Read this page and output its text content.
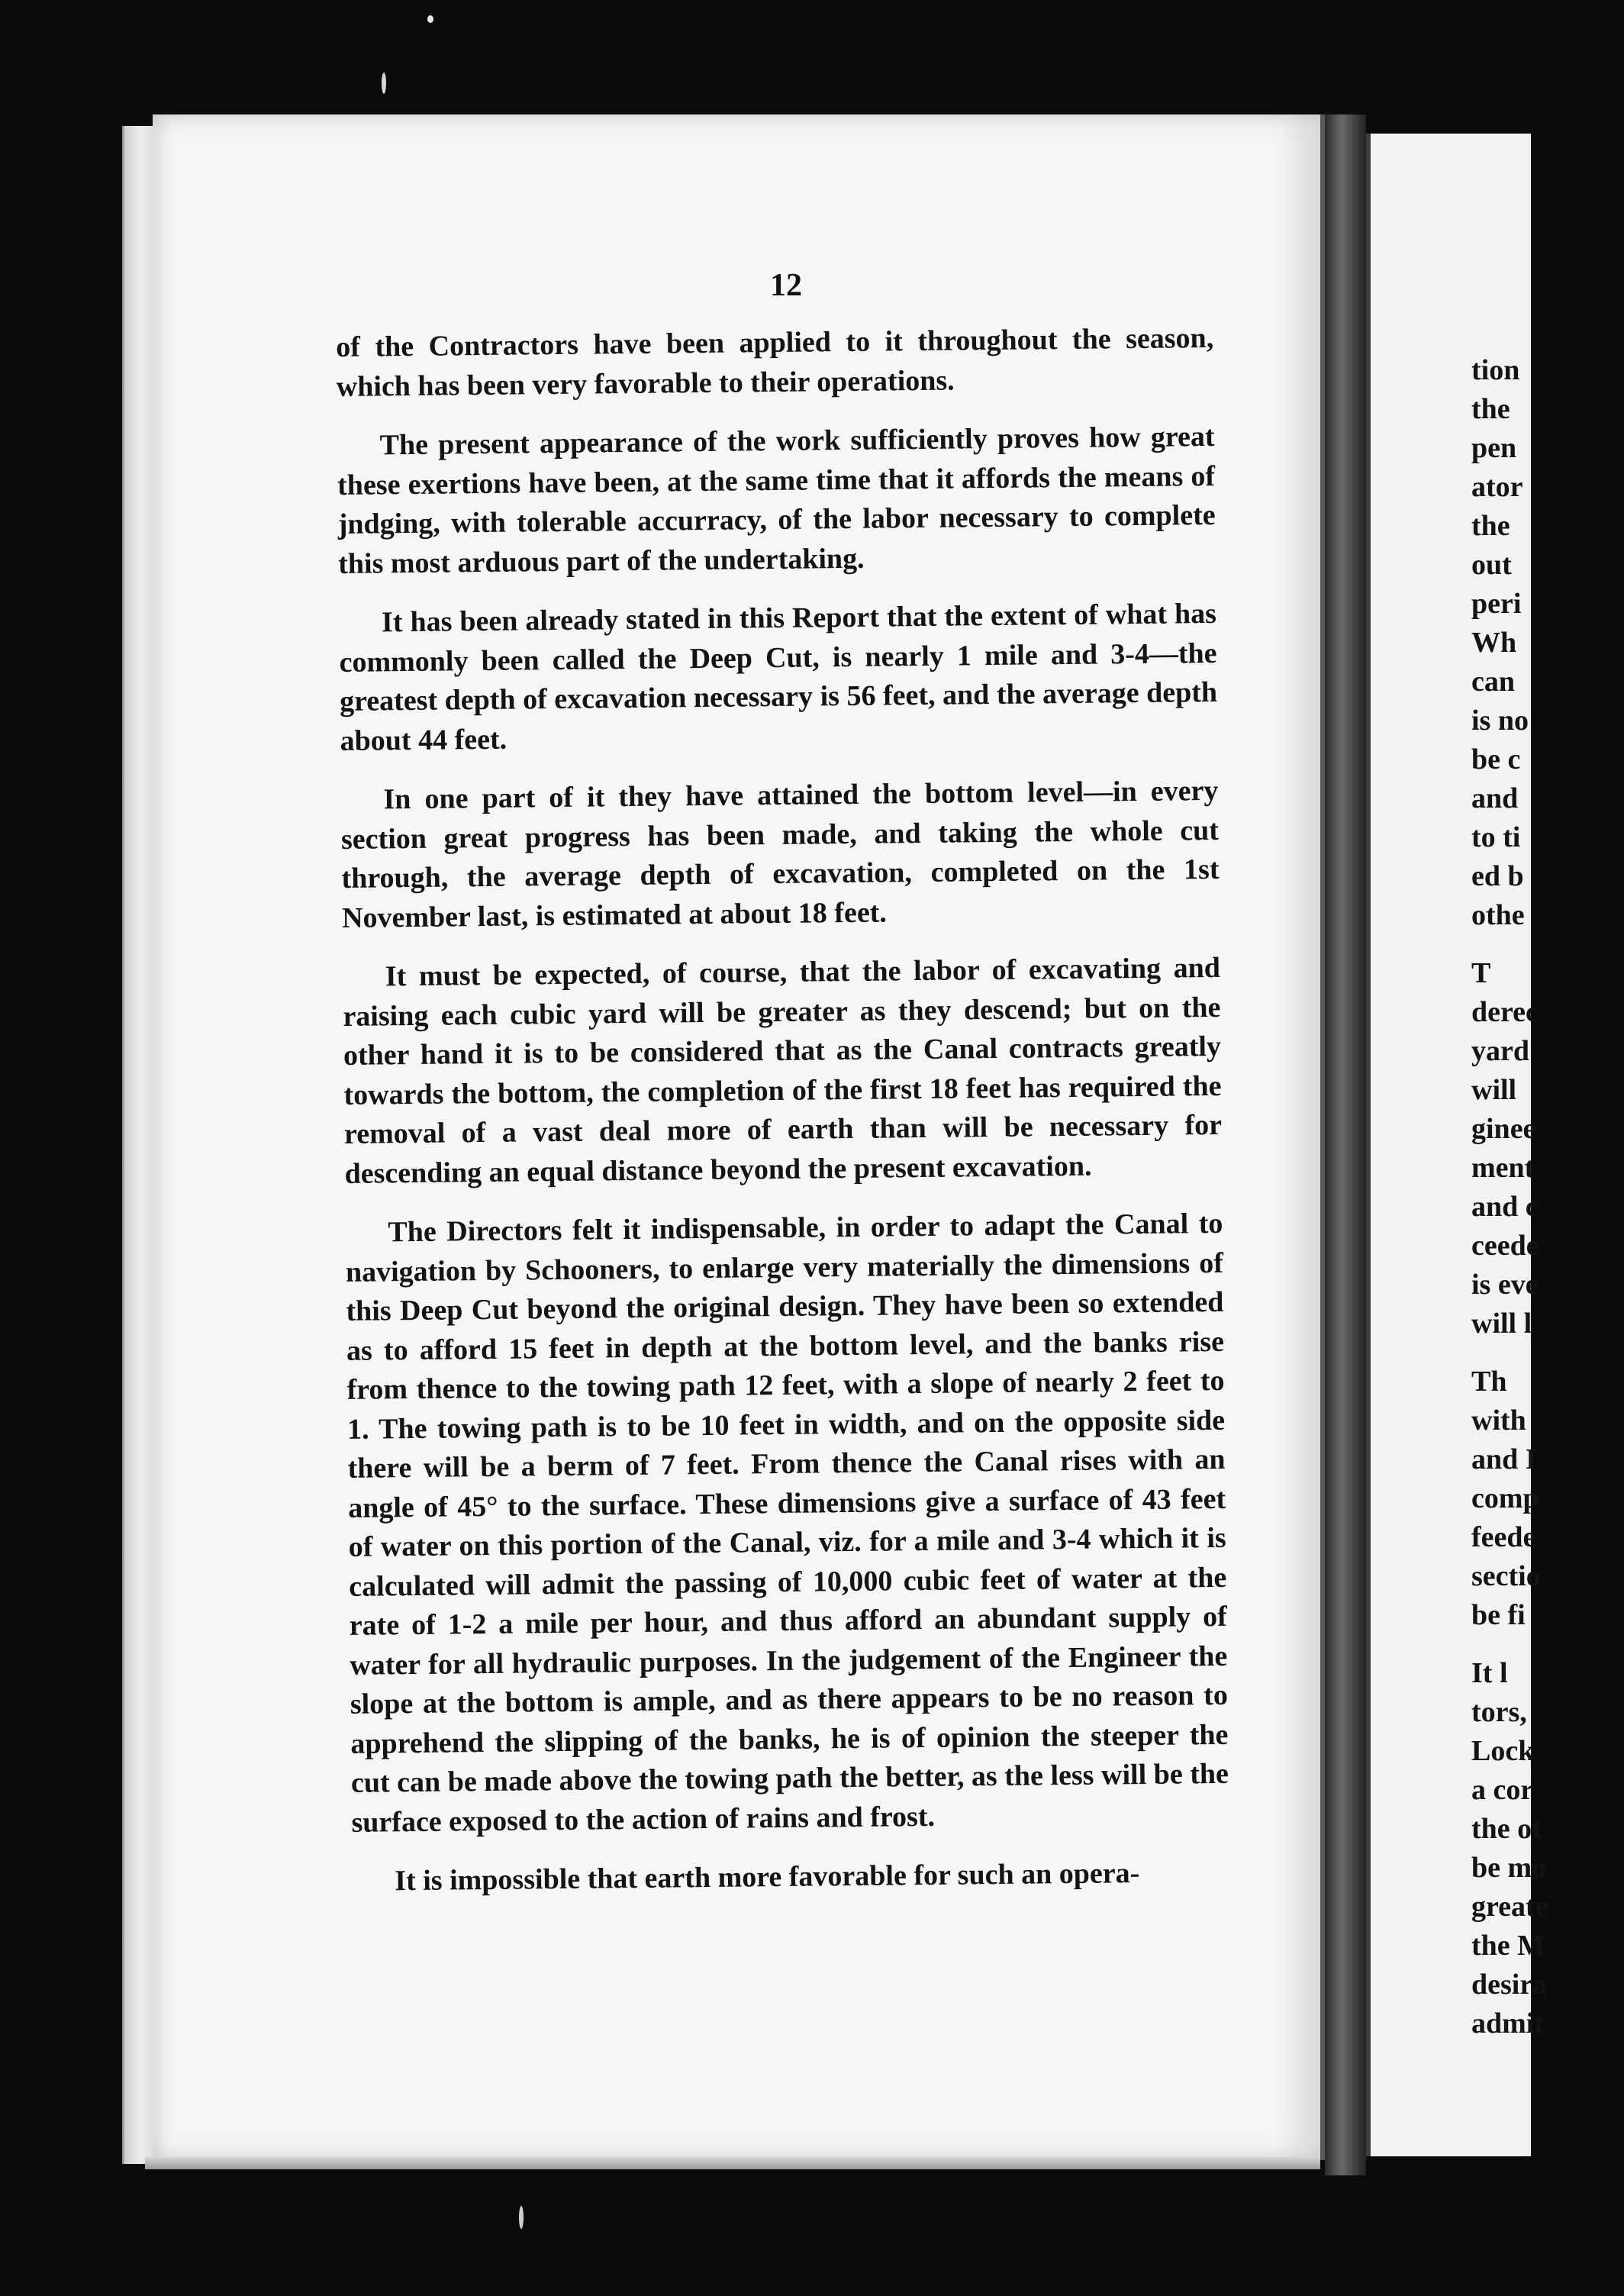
12

of the Contractors have been applied to it throughout the season, which has been very favorable to their operations.

The present appearance of the work sufficiently proves how great these exertions have been, at the same time that it affords the means of jndging, with tolerable accurracy, of the labor necessary to complete this most arduous part of the undertaking.

It has been already stated in this Report that the extent of what has commonly been called the Deep Cut, is nearly 1 mile and 3-4—the greatest depth of excavation necessary is 56 feet, and the average depth about 44 feet.

In one part of it they have attained the bottom level—in every section great progress has been made, and taking the whole cut through, the average depth of excavation, completed on the 1st November last, is estimated at about 18 feet.

It must be expected, of course, that the labor of excavating and raising each cubic yard will be greater as they descend; but on the other hand it is to be considered that as the Canal contracts greatly towards the bottom, the completion of the first 18 feet has required the removal of a vast deal more of earth than will be necessary for descending an equal distance beyond the present excavation.

The Directors felt it indispensable, in order to adapt the Canal to navigation by Schooners, to enlarge very materially the dimensions of this Deep Cut beyond the original design. They have been so extended as to afford 15 feet in depth at the bottom level, and the banks rise from thence to the towing path 12 feet, with a slope of nearly 2 feet to 1. The towing path is to be 10 feet in width, and on the opposite side there will be a berm of 7 feet. From thence the Canal rises with an angle of 45° to the surface. These dimensions give a surface of 43 feet of water on this portion of the Canal, viz. for a mile and 3-4 which it is calculated will admit the passing of 10,000 cubic feet of water at the rate of 1-2 a mile per hour, and thus afford an abundant supply of water for all hydraulic purposes. In the judgement of the Engineer the slope at the bottom is ample, and as there appears to be no reason to apprehend the slipping of the banks, he is of opinion the steeper the cut can be made above the towing path the better, as the less will be the surface exposed to the action of rains and frost.

It is impossible that earth more favorable for such an opera-

tion
the
pen
ator
the
out
peri
Wh
can
is no
be c
and
to ti
ed b
othe
T
derec
yard
will
ginee
ment
and c
ceede
is eve
will l
Th
with
and I
comp
feede
sectio
be fi
It l
tors,
Lock
a cor
the ot
be mo
greate
the M
desira
admit
